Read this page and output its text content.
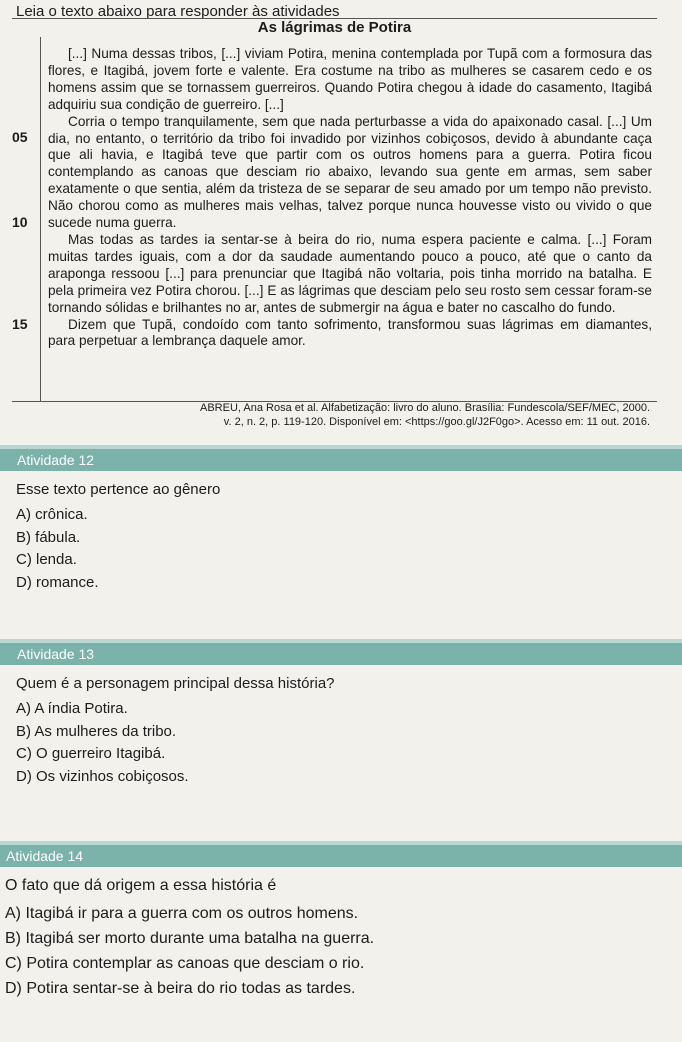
Leia o texto abaixo para responder às atividades
As lágrimas de Potira
05
10
15

[...] Numa dessas tribos, [...] viviam Potira, menina contemplada por Tupã com a formosura das flores, e Itagibá, jovem forte e valente. Era costume na tribo as mulheres se casarem cedo e os homens assim que se tornassem guerreiros. Quando Potira chegou à idade do casamento, Itagibá adquiriu sua condição de guerreiro. [...]

Corria o tempo tranquilamente, sem que nada perturbasse a vida do apaixonado casal. [...] Um dia, no entanto, o território da tribo foi invadido por vizinhos cobiçosos, devido à abundante caça que ali havia, e Itagibá teve que partir com os outros homens para a guerra. Potira ficou contemplando as canoas que desciam rio abaixo, levando sua gente em armas, sem saber exatamente o que sentia, além da tristeza de se separar de seu amado por um tempo não previsto. Não chorou como as mulheres mais velhas, talvez porque nunca houvesse visto ou vivido o que sucede numa guerra.

Mas todas as tardes ia sentar-se à beira do rio, numa espera paciente e calma. [...] Foram muitas tardes iguais, com a dor da saudade aumentando pouco a pouco, até que o canto da araponga ressoou [...] para prenunciar que Itagibá não voltaria, pois tinha morrido na batalha. E pela primeira vez Potira chorou. [...] E as lágrimas que desciam pelo seu rosto sem cessar foram-se tornando sólidas e brilhantes no ar, antes de submergir na água e bater no cascalho do fundo.

Dizem que Tupã, condoído com tanto sofrimento, transformou suas lágrimas em diamantes, para perpetuar a lembrança daquele amor.

ABREU, Ana Rosa et al. Alfabetização: livro do aluno. Brasília: Fundescola/SEF/MEC, 2000.
v. 2, n. 2, p. 119-120. Disponível em: <https://goo.gl/J2F0go>. Acesso em: 11 out. 2016.
Atividade 12
Esse texto pertence ao gênero
A) crônica.
B) fábula.
C) lenda.
D) romance.
Atividade 13
Quem é a personagem principal dessa história?
A) A índia Potira.
B) As mulheres da tribo.
C) O guerreiro Itagibá.
D) Os vizinhos cobiçosos.
Atividade 14
O fato que dá origem a essa história é
A) Itagibá ir para a guerra com os outros homens.
B) Itagibá ser morto durante uma batalha na guerra.
C) Potira contemplar as canoas que desciam o rio.
D) Potira sentar-se à beira do rio todas as tardes.
